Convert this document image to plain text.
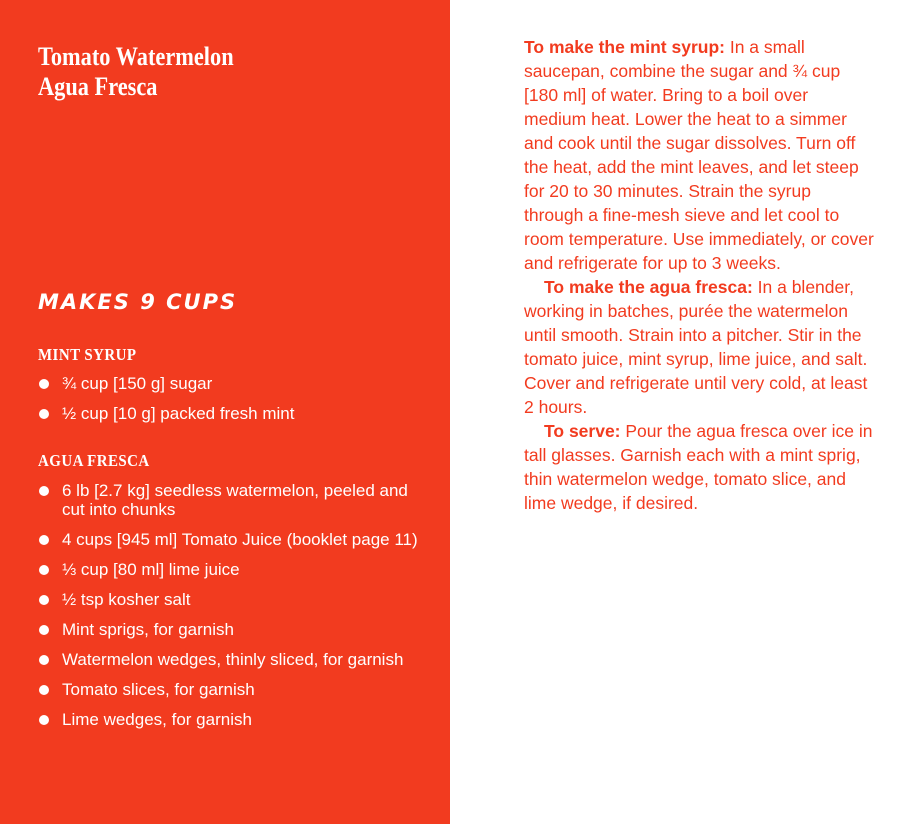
Tomato Watermelon
Agua Fresca
MAKES 9 CUPS
MINT SYRUP
¾ cup [150 g] sugar
½ cup [10 g] packed fresh mint
AGUA FRESCA
6 lb [2.7 kg] seedless watermelon, peeled and cut into chunks
4 cups [945 ml] Tomato Juice (booklet page 11)
⅓ cup [80 ml] lime juice
½ tsp kosher salt
Mint sprigs, for garnish
Watermelon wedges, thinly sliced, for garnish
Tomato slices, for garnish
Lime wedges, for garnish

To make the mint syrup: In a small saucepan, combine the sugar and ¾ cup [180 ml] of water. Bring to a boil over medium heat. Lower the heat to a simmer and cook until the sugar dissolves. Turn off the heat, add the mint leaves, and let steep for 20 to 30 minutes. Strain the syrup through a fine-mesh sieve and let cool to room temperature. Use immediately, or cover and refrigerate for up to 3 weeks.

To make the agua fresca: In a blender, working in batches, purée the watermelon until smooth. Strain into a pitcher. Stir in the tomato juice, mint syrup, lime juice, and salt. Cover and refrigerate until very cold, at least 2 hours.

To serve: Pour the agua fresca over ice in tall glasses. Garnish each with a mint sprig, thin watermelon wedge, tomato slice, and lime wedge, if desired.
